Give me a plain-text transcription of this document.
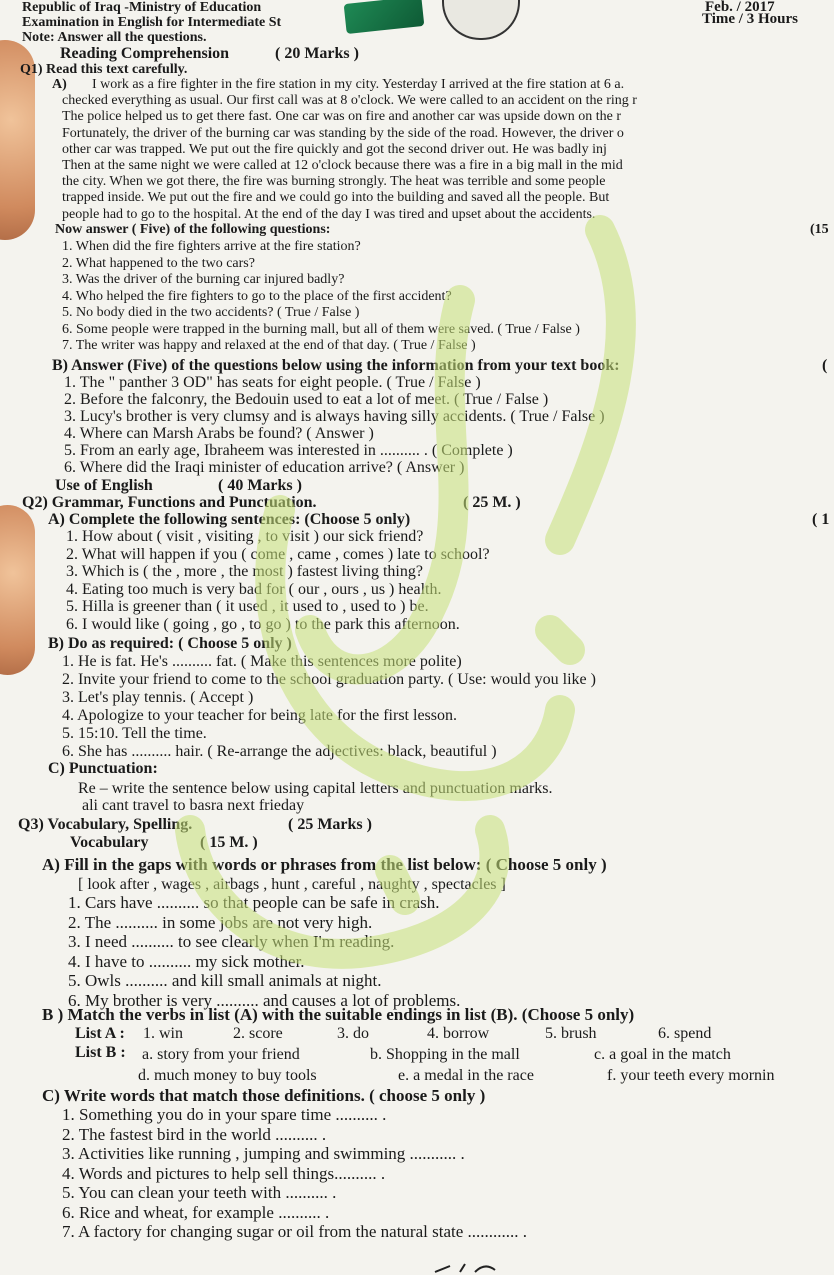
Republic of Iraq -Ministry of Education
Examination in English for Intermediate St
Note: Answer all the questions.
Feb. / 2017
Time / 3 Hours
Reading Comprehension	( 20 Marks )
Q1) Read this text carefully.
A) I work as a fire fighter in the fire station in my city. Yesterday I arrived at the fire station at 6 a.
checked everything as usual. Our first call was at 8 o'clock. We were called to an accident on the ring r
The police helped us to get there fast. One car was on fire and another car was upside down on the r
Fortunately, the driver of the burning car was standing by the side of the road. However, the driver o
other car was trapped. We put out the fire quickly and got the second driver out. He was badly inj
Then at the same night we were called at 12 o'clock because there was a fire in a big mall in the mid
the city. When we got there, the fire was burning strongly. The heat was terrible and some people
trapped inside. We put out the fire and we could go into the building and saved all the people. But
people had to go to the hospital. At the end of the day I was tired and upset about the accidents.
Now answer ( Five) of the following questions:	(15
1. When did the fire fighters arrive at the fire station?
2. What happened to the two cars?
3. Was the driver of the burning car injured badly?
4. Who helped the fire fighters to go to the place of the first accident?
5. No body died in the two accidents? ( True / False )
6. Some people were trapped in the burning mall, but all of them were saved. ( True / False )
7. The writer was happy and relaxed at the end of that day. ( True / False )
B) Answer (Five) of the questions below using the information from your text book:	(
1. The " panther 3 OD" has seats for eight people. ( True / False )
2. Before the falconry, the Bedouin used to eat a lot of meet. ( True / False )
3. Lucy's brother is very clumsy and is always having silly accidents. ( True / False )
4. Where can Marsh Arabs be found? ( Answer )
5. From an early age, Ibraheem was interested in .......... . ( Complete )
6. Where did the Iraqi minister of education arrive? ( Answer )
Use of English	( 40 Marks )
Q2) Grammar, Functions and Punctuation.	( 25 M. )
A) Complete the following sentences: (Choose 5 only)	( 1
1. How about ( visit , visiting , to visit ) our sick friend?
2. What will happen if you ( come , came , comes ) late to school?
3. Which is ( the , more , the most ) fastest living thing?
4. Eating too much is very bad for ( our , ours , us ) health.
5. Hilla is greener than ( it used , it used to , used to ) be.
6. I would like ( going , go , to go ) to the park this afternoon.
B) Do as required: ( Choose 5 only )
1. He is fat. He's .......... fat. ( Make this sentences more polite)
2. Invite your friend to come to the school graduation party. ( Use: would you like )
3. Let's play tennis. ( Accept )
4. Apologize to your teacher for being late for the first lesson.
5. 15:10. Tell the time.
6. She has .......... hair. ( Re-arrange the adjectives: black, beautiful )
C) Punctuation:
Re – write the sentence below using capital letters and punctuation marks.
ali cant travel to basra next frieday
Q3) Vocabulary, Spelling.	( 25 Marks )
Vocabulary	( 15 M. )
A) Fill in the gaps with words or phrases from the list below: ( Choose 5 only )
[ look after , wages , airbags , hunt , careful , naughty , spectacles ]
1. Cars have .......... so that people can be safe in crash.
2. The .......... in some jobs are not very high.
3. I need .......... to see clearly when I'm reading.
4. I have to .......... my sick mother.
5. Owls .......... and kill small animals at night.
6. My brother is very .......... and causes a lot of problems.
B ) Match the verbs in list (A) with the suitable endings in list (B). (Choose 5 only)
List A : 1. win	2. score	3. do	4. borrow	5. brush	6. spend
List B : a. story from your friend	b. Shopping in the mall	c. a goal in the match
d. much money to buy tools	e. a medal in the race	f. your teeth every mornin
C) Write words that match those definitions. ( choose 5 only )
1. Something you do in your spare time .......... .
2. The fastest bird in the world .......... .
3. Activities like running , jumping and swimming ........... .
4. Words and pictures to help sell things.......... .
5. You can clean your teeth with .......... .
6. Rice and wheat, for example .......... .
7. A factory for changing sugar or oil from the natural state ............ .
